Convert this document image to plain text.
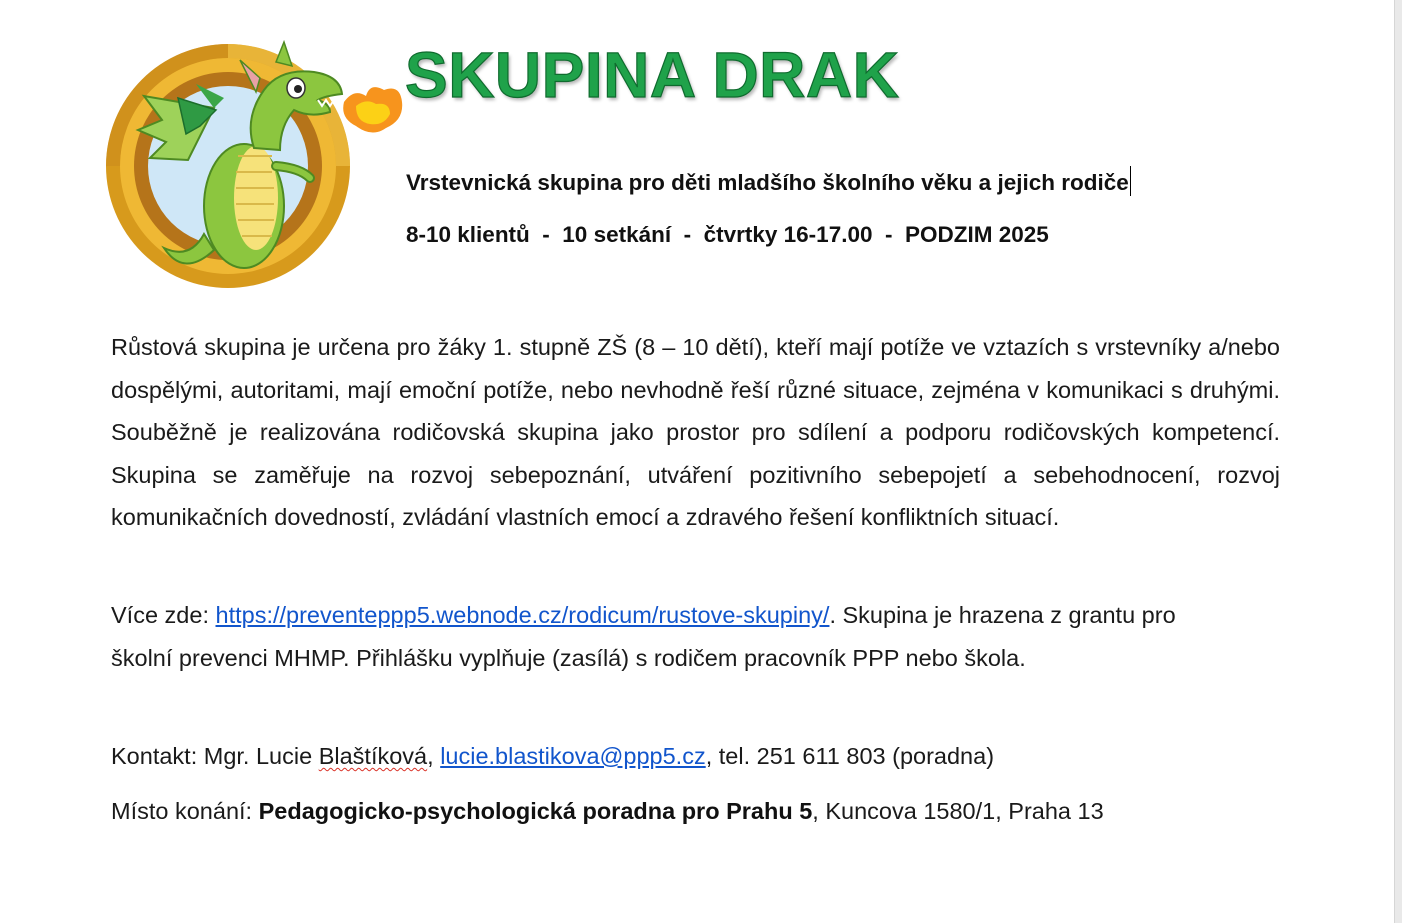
SKUPINA DRAK
Vrstevnická skupina pro děti mladšího školního věku a jejich rodiče
8-10 klientů  -  10 setkání  -  čtvrtky 16-17.00  -  PODZIM 2025
Růstová skupina je určena pro žáky 1. stupně ZŠ (8 – 10 dětí), kteří mají potíže ve vztazích s vrstevníky a/nebo dospělými, autoritami, mají emoční potíže, nebo nevhodně řeší různé situace, zejména v komunikaci s druhými. Souběžně je realizována rodičovská skupina jako prostor pro sdílení a podporu rodičovských kompetencí. Skupina se zaměřuje na rozvoj sebepoznání, utváření pozitivního sebepojetí a sebehodnocení, rozvoj komunikačních dovedností, zvládání vlastních emocí a zdravého řešení konfliktních situací.
Více zde: https://preventeppp5.webnode.cz/rodicum/rustove-skupiny/. Skupina je hrazena z grantu pro školní prevenci MHMP. Přihlášku vyplňuje (zasílá) s rodičem pracovník PPP nebo škola.
Kontakt: Mgr. Lucie Blaštíková, lucie.blastikova@ppp5.cz, tel. 251 611 803 (poradna)
Místo konání: Pedagogicko-psychologická poradna pro Prahu 5, Kuncova 1580/1, Praha 13
